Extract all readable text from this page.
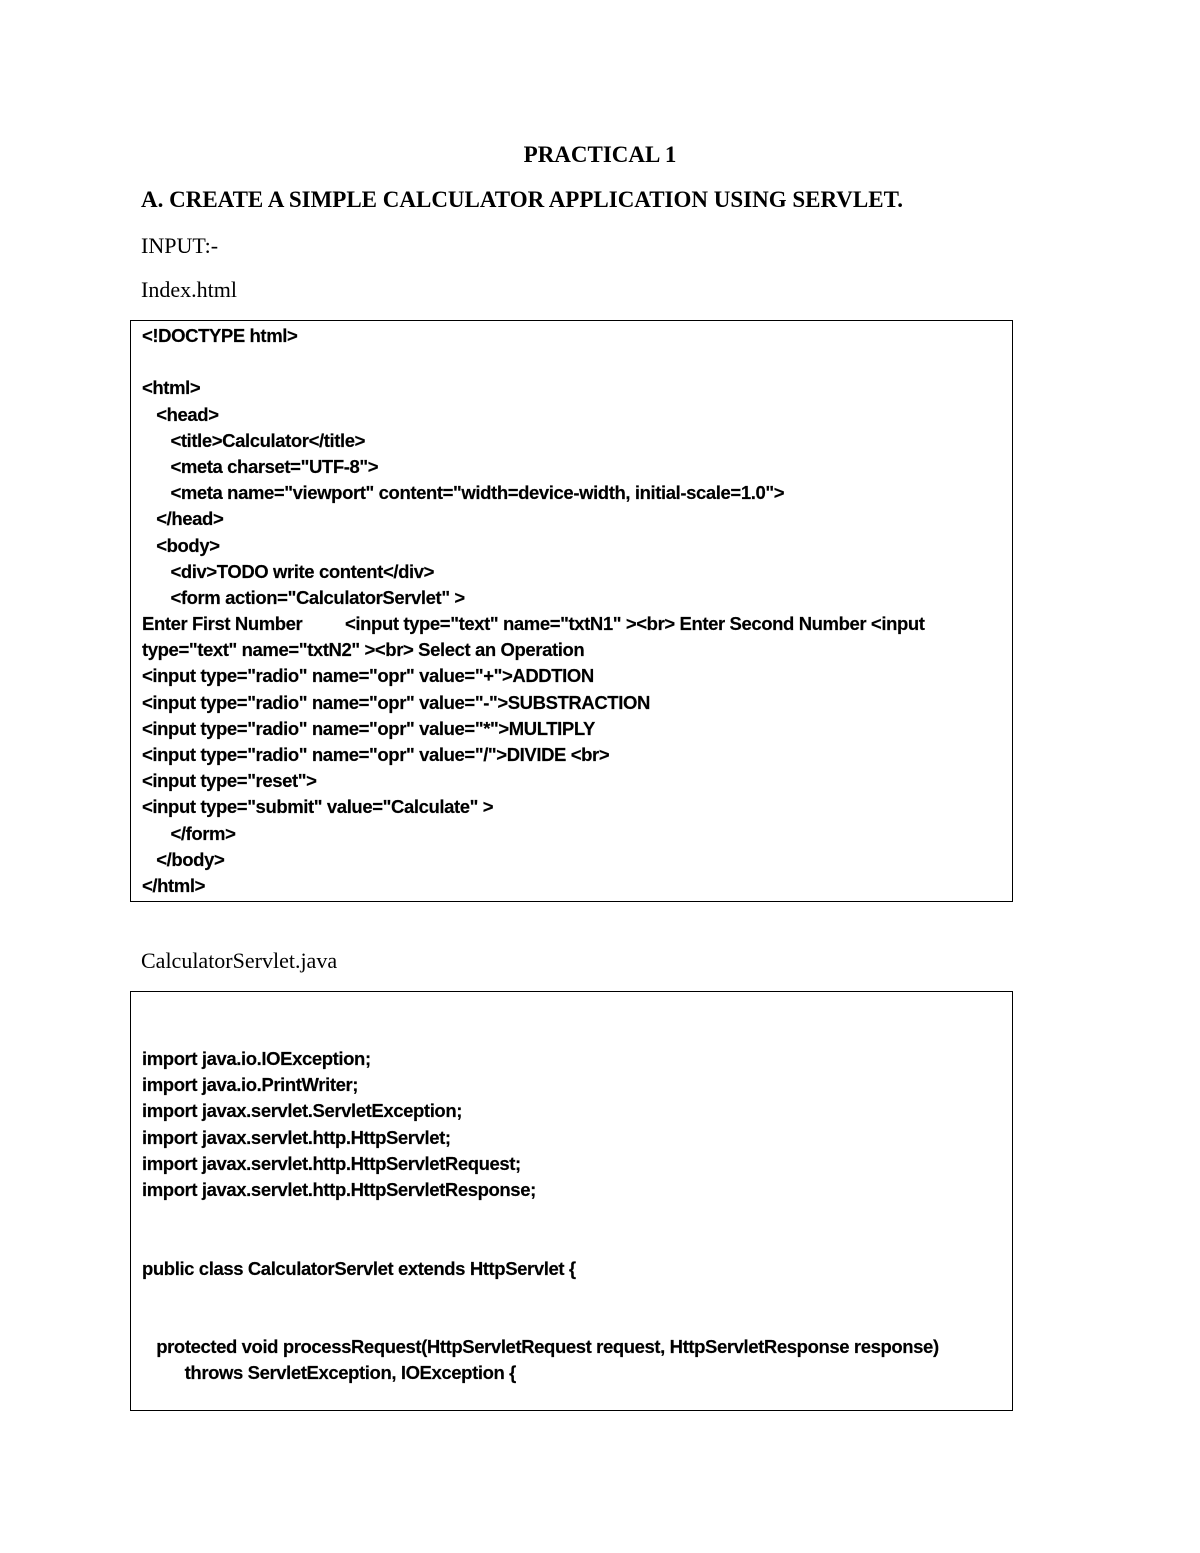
PRACTICAL 1
A. CREATE A SIMPLE CALCULATOR APPLICATION USING SERVLET.

INPUT:-

Index.html

<!DOCTYPE html>
<html>
<head>
<title>Calculator</title>
<meta charset="UTF-8">
<meta name="viewport" content="width=device-width, initial-scale=1.0">
</head>
<body>
<div>TODO write content</div>
<form action="CalculatorServlet" >
Enter First Number         <input type="text" name="txtN1" ><br> Enter Second Number <input
type="text" name="txtN2" ><br> Select an Operation
<input type="radio" name="opr" value="+">ADDTION
<input type="radio" name="opr" value="-">SUBSTRACTION
<input type="radio" name="opr" value="*">MULTIPLY
<input type="radio" name="opr" value="/">DIVIDE <br>
<input type="reset">
<input type="submit" value="Calculate" >
</form>
</body>
</html>

CalculatorServlet.java

import java.io.IOException;
import java.io.PrintWriter;
import javax.servlet.ServletException;
import javax.servlet.http.HttpServlet;
import javax.servlet.http.HttpServletRequest;
import javax.servlet.http.HttpServletResponse;
public class CalculatorServlet extends HttpServlet {
protected void processRequest(HttpServletRequest request, HttpServletResponse response)
throws ServletException, IOException {
